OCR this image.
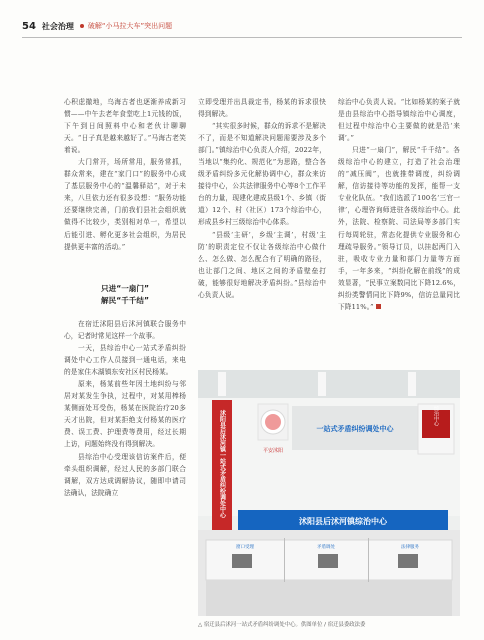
54 社会治理 破解“小马拉大车”突出问题

心积虑撤地，乌海古者也逐渐养成新习惯——中午去老年食堂吃上1元钱的饭，下午到日间照料中心和老伙计聊聊天。“日子真是越来越好了。”马海古老笑着说。

大门常开，场所常用，服务常抓，群众常来，建在“家门口”的服务中心成了基层服务中心的“温馨驿站”，对于未来，八旦依力还有很多设想：“服务功能还要继续完善，门前我们县社会组织就做得不比较少，类别相对单一，希望以后能引进、孵化更多社会组织，为居民提供更丰富的活动。”

只进“一扇门”
解民“千千结”

在宿迁沭阳县后沭河镇联合服务中心，记者时常见这样一个故事。

一天，县综治中心一站式矛盾纠纷调处中心工作人员接到一通电话，来电的是家住木湖镇东安社区村民杨某。

原来，杨某前些年因土地纠纷与邻居对某发生争执，过程中，对某用棒杨某侧面处耳受伤，杨某在医院治疗20多天才出院，但对某拒绝支付杨某的医疗费、误工费、护理费等费用，经过长期上访，问题始终没有得到解决。

县综治中心受理该信访案件后，便牵头组织调解，经过人民的多部门联合调解，双方达成调解协议，随即申请司法确认，法院确立

立即受理并出具裁定书，杨某的诉求很快得到解决。

“其实很多时候，群众的诉求不是解决不了，而是不知道解决问题需要涉及多个部门。”镇综治中心负责人介绍，2022年，当地以“集约化、规范化”为思路，整合各级矛盾纠纷多元化解协调中心，群众来访接待中心，公共法律服务中心等8个工作平台的力量，现建化建成县级1个、乡镇（街道）12个、村（社区）173个综治中心，形成县乡村三级综治中心体系。

“县级‘主研’，乡级‘主调’，村级‘主防’的职责定位不仅让各级综治中心做什么、怎么做、怎么配合有了明确的路径，也让部门之间、地区之间的矛盾壁垒打破，能够很好地解决矛盾纠纷。”县综治中心负责人说。

综治中心负责人说。“比如杨某的案子就是由县综治中心指导镇综治中心调度，但过程中综治中心主要做的就是沿‘来调’。”

只进“一扇门”，解民“千千结”。各级综治中心的建立，打造了社会治理的“减压阀”，也就推带调度，纠纷调解，信访接待等功能的发挥，能帮一支专业化队伍。“我们选派了100名‘三官一律’，心理咨询师进驻各级综治中心。此外，法院、检察院、司法局等多部门实行每周轮驻，常态化提供专业服务和心理疏导服务。”领导订员，以挂起两门入驻，吸收专业力量和部门力量等方面手，一年多来，“纠纷化解在前线”的成效显著，“民事立案数同比下降12.6%，纠纷类警情同比下降9%，信访总量同比下降11%。”

沭阳县后沭河镇一站式矛盾纠纷调处中心	综治中心
平安沭阳
一站式矛盾纠纷调处中心
沭阳县后沭河镇综治中心
窗口受理	矛盾调处	法律服务
△ 宿迁县后沭河一站式矛盾纠纷调处中心。供图单位 / 宿迁县委政法委
